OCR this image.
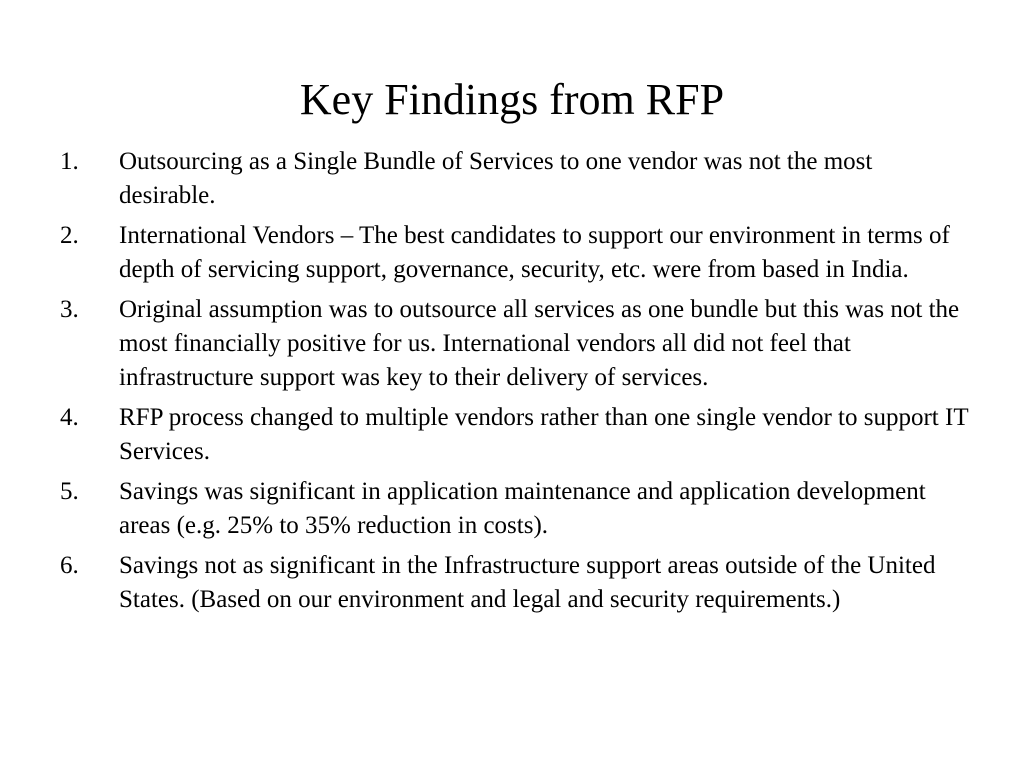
Key Findings from RFP
1. Outsourcing as a Single Bundle of Services to one vendor was not the most desirable.
2. International Vendors – The best candidates to support our environment in terms of depth of servicing support, governance, security, etc. were from based in India.
3. Original assumption was to outsource all services as one bundle but this was not the most financially positive for us. International vendors all did not feel that infrastructure support was key to their delivery of services.
4. RFP process changed to multiple vendors rather than one single vendor to support IT Services.
5. Savings was significant in application maintenance and application development areas (e.g. 25% to 35% reduction in costs).
6. Savings not as significant in the Infrastructure support areas outside of the United States. (Based on our environment and legal and security requirements.)
